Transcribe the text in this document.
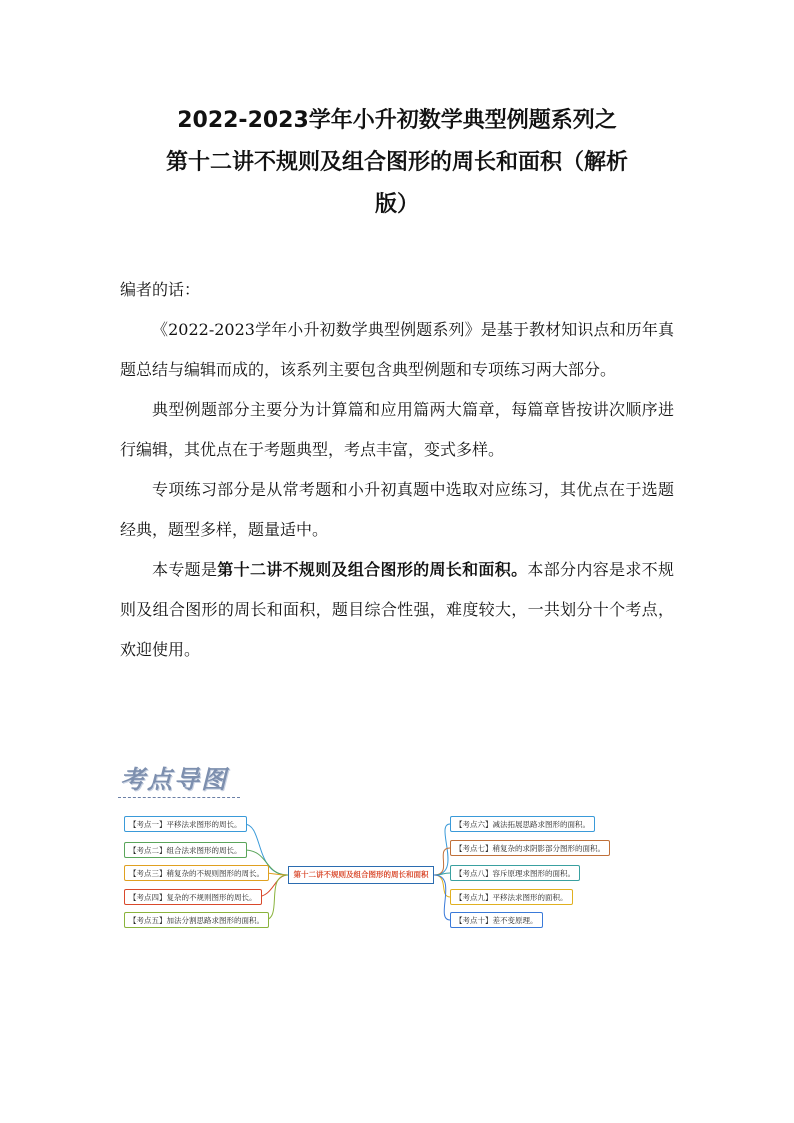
2022-2023学年小升初数学典型例题系列之
第十二讲不规则及组合图形的周长和面积（解析
版）

编者的话：

《2022-2023学年小升初数学典型例题系列》是基于教材知识点和历年真题总结与编辑而成的，该系列主要包含典型例题和专项练习两大部分。

典型例题部分主要分为计算篇和应用篇两大篇章，每篇章皆按讲次顺序进行编辑，其优点在于考题典型，考点丰富，变式多样。

专项练习部分是从常考题和小升初真题中选取对应练习，其优点在于选题经典，题型多样，题量适中。

本专题是第十二讲不规则及组合图形的周长和面积。本部分内容是求不规则及组合图形的周长和面积，题目综合性强，难度较大，一共划分十个考点，欢迎使用。

考点导图
【考点一】平移法求图形的周长。
【考点二】组合法求图形的周长。
【考点三】稍复杂的不规则图形的周长。
【考点四】复杂的不规则图形的周长。
【考点五】加法分割思路求图形的面积。
第十二讲不规则及组合图形的周长和面积
【考点六】减法拓展思路求图形的面积。
【考点七】稍复杂的求阴影部分图形的面积。
【考点八】容斥原理求图形的面积。
【考点九】平移法求图形的面积。
【考点十】差不变原理。
